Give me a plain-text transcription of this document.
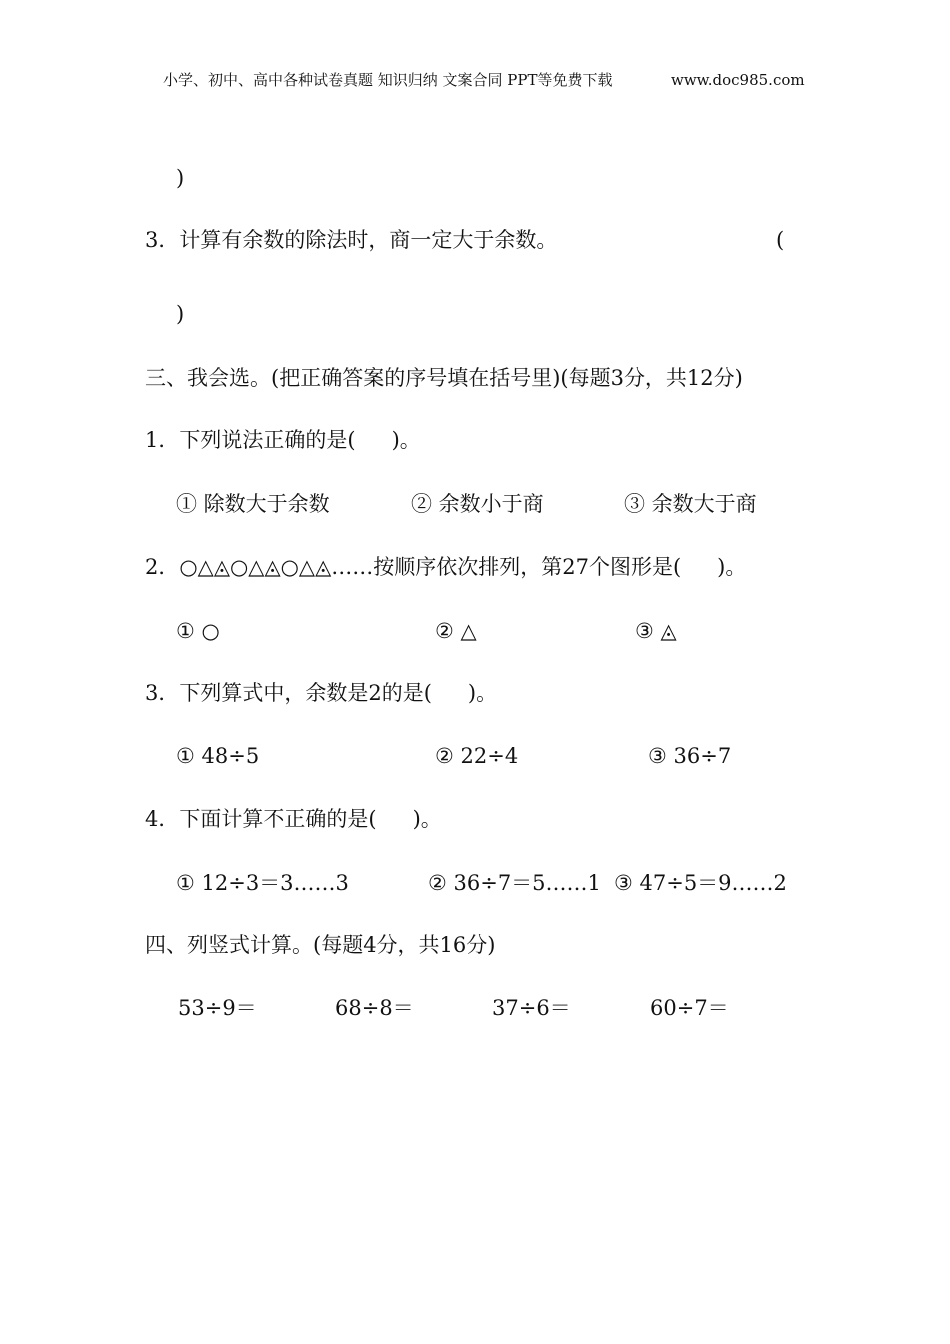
小学、初中、高中各种试卷真题 知识归纳 文案合同 PPT等免费下载	www.doc985.com
)
3．计算有余数的除法时，商一定大于余数。	(
)
三、我会选。(把正确答案的序号填在括号里)(每题3分，共12分)
1．下列说法正确的是( )。
① 除数大于余数	② 余数小于商	③ 余数大于商
2．○△◬○△◬○△◬……按顺序依次排列，第27个图形是( )。
① ○	② △	③ ◬
3．下列算式中，余数是2的是( )。
① 48÷5	② 22÷4	③ 36÷7
4．下面计算不正确的是( )。
① 12÷3＝3……3	② 36÷7＝5……1 ③ 47÷5＝9……2
四、列竖式计算。(每题4分，共16分)
53÷9＝	68÷8＝	37÷6＝	60÷7＝
